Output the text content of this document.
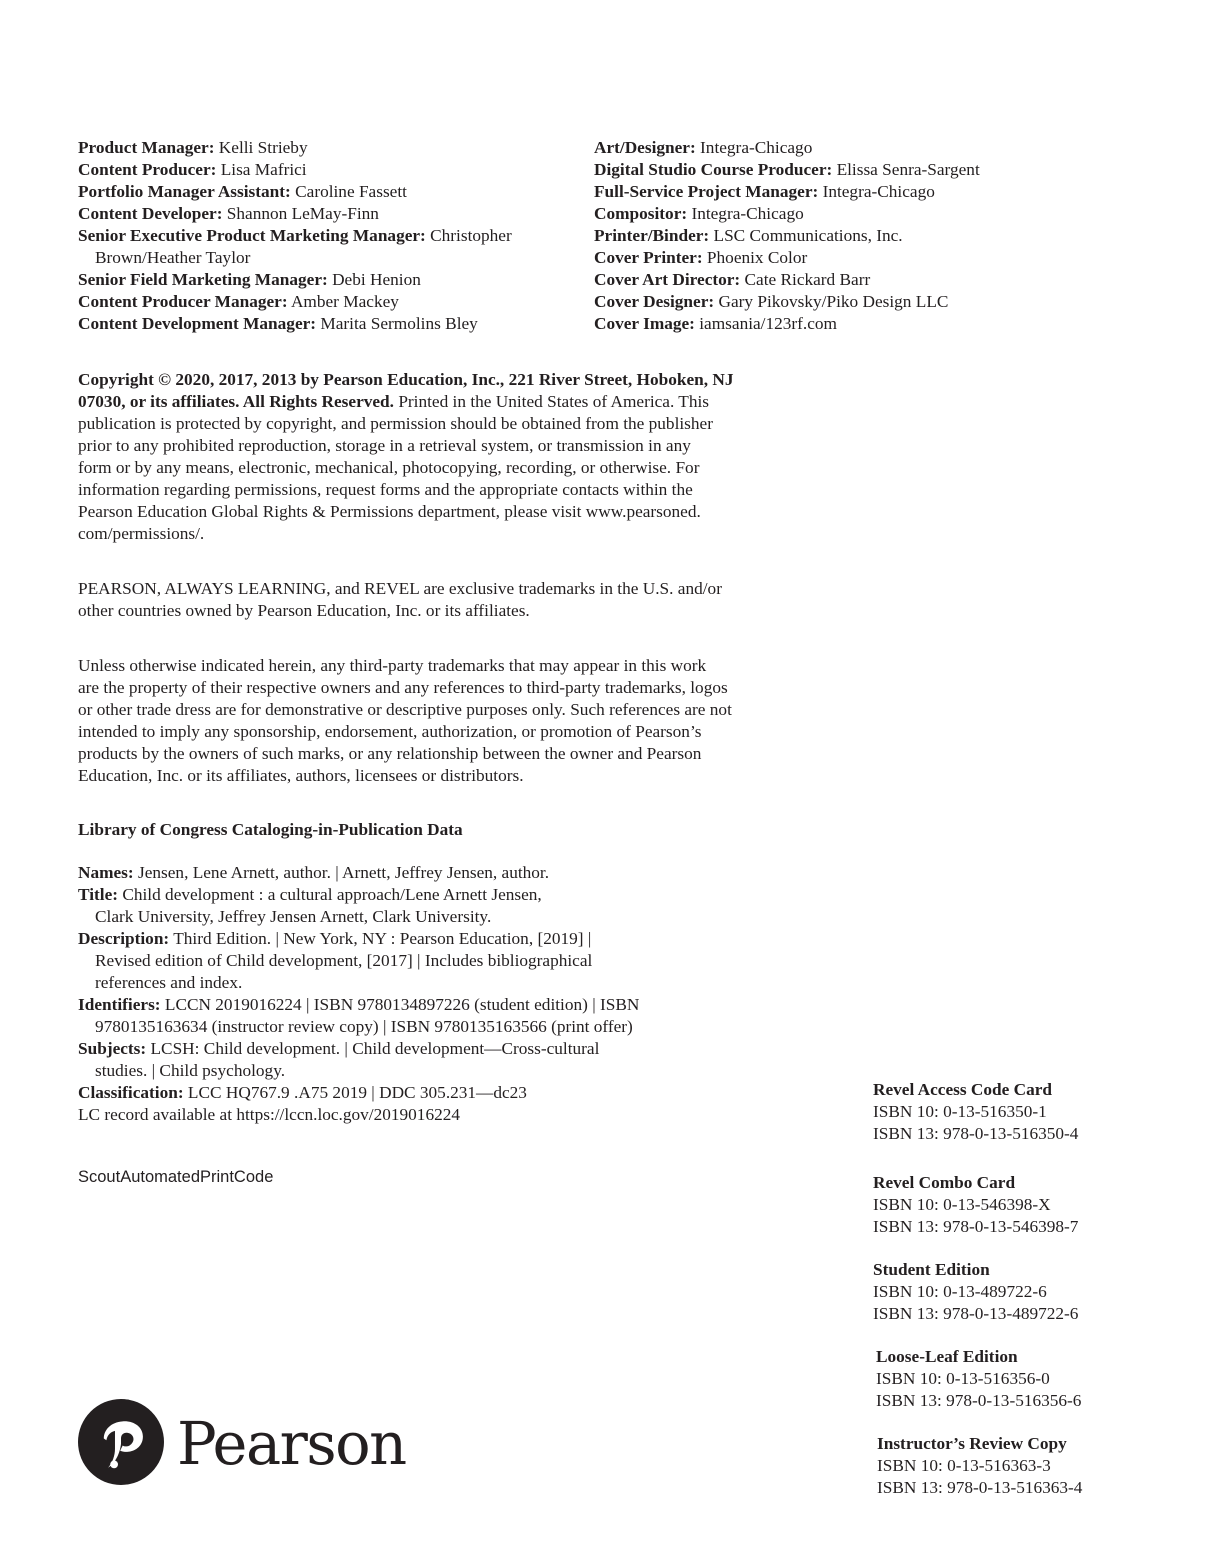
Product Manager: Kelli Strieby
Content Producer: Lisa Mafrici
Portfolio Manager Assistant: Caroline Fassett
Content Developer: Shannon LeMay-Finn
Senior Executive Product Marketing Manager: Christopher Brown/Heather Taylor
Senior Field Marketing Manager: Debi Henion
Content Producer Manager: Amber Mackey
Content Development Manager: Marita Sermolins Bley
Art/Designer: Integra-Chicago
Digital Studio Course Producer: Elissa Senra-Sargent
Full-Service Project Manager: Integra-Chicago
Compositor: Integra-Chicago
Printer/Binder: LSC Communications, Inc.
Cover Printer: Phoenix Color
Cover Art Director: Cate Rickard Barr
Cover Designer: Gary Pikovsky/Piko Design LLC
Cover Image: iamsania/123rf.com
Copyright © 2020, 2017, 2013 by Pearson Education, Inc., 221 River Street, Hoboken, NJ
07030, or its affiliates. All Rights Reserved. Printed in the United States of America. This
publication is protected by copyright, and permission should be obtained from the publisher
prior to any prohibited reproduction, storage in a retrieval system, or transmission in any
form or by any means, electronic, mechanical, photocopying, recording, or otherwise. For
information regarding permissions, request forms and the appropriate contacts within the
Pearson Education Global Rights & Permissions department, please visit www.pearsoned.
com/permissions/.
PEARSON, ALWAYS LEARNING, and REVEL are exclusive trademarks in the U.S. and/or
other countries owned by Pearson Education, Inc. or its affiliates.
Unless otherwise indicated herein, any third-party trademarks that may appear in this work
are the property of their respective owners and any references to third-party trademarks, logos
or other trade dress are for demonstrative or descriptive purposes only. Such references are not
intended to imply any sponsorship, endorsement, authorization, or promotion of Pearson’s
products by the owners of such marks, or any relationship between the owner and Pearson
Education, Inc. or its affiliates, authors, licensees or distributors.
Library of Congress Cataloging-in-Publication Data
Names: Jensen, Lene Arnett, author. | Arnett, Jeffrey Jensen, author.
Title: Child development : a cultural approach/Lene Arnett Jensen,
Clark University, Jeffrey Jensen Arnett, Clark University.
Description: Third Edition. | New York, NY : Pearson Education, [2019] |
Revised edition of Child development, [2017] | Includes bibliographical
references and index.
Identifiers: LCCN 2019016224 | ISBN 9780134897226 (student edition) | ISBN
9780135163634 (instructor review copy) | ISBN 9780135163566 (print offer)
Subjects: LCSH: Child development. | Child development—Cross-cultural
studies. | Child psychology.
Classification: LCC HQ767.9 .A75 2019 | DDC 305.231—dc23
LC record available at https://lccn.loc.gov/2019016224
ScoutAutomatedPrintCode
Revel Access Code Card
ISBN 10: 0-13-516350-1
ISBN 13: 978-0-13-516350-4
Revel Combo Card
ISBN 10: 0-13-546398-X
ISBN 13: 978-0-13-546398-7
Student Edition
ISBN 10: 0-13-489722-6
ISBN 13: 978-0-13-489722-6
Loose-Leaf Edition
ISBN 10: 0-13-516356-0
ISBN 13: 978-0-13-516356-6
Instructor’s Review Copy
ISBN 10: 0-13-516363-3
ISBN 13: 978-0-13-516363-4
Pearson
